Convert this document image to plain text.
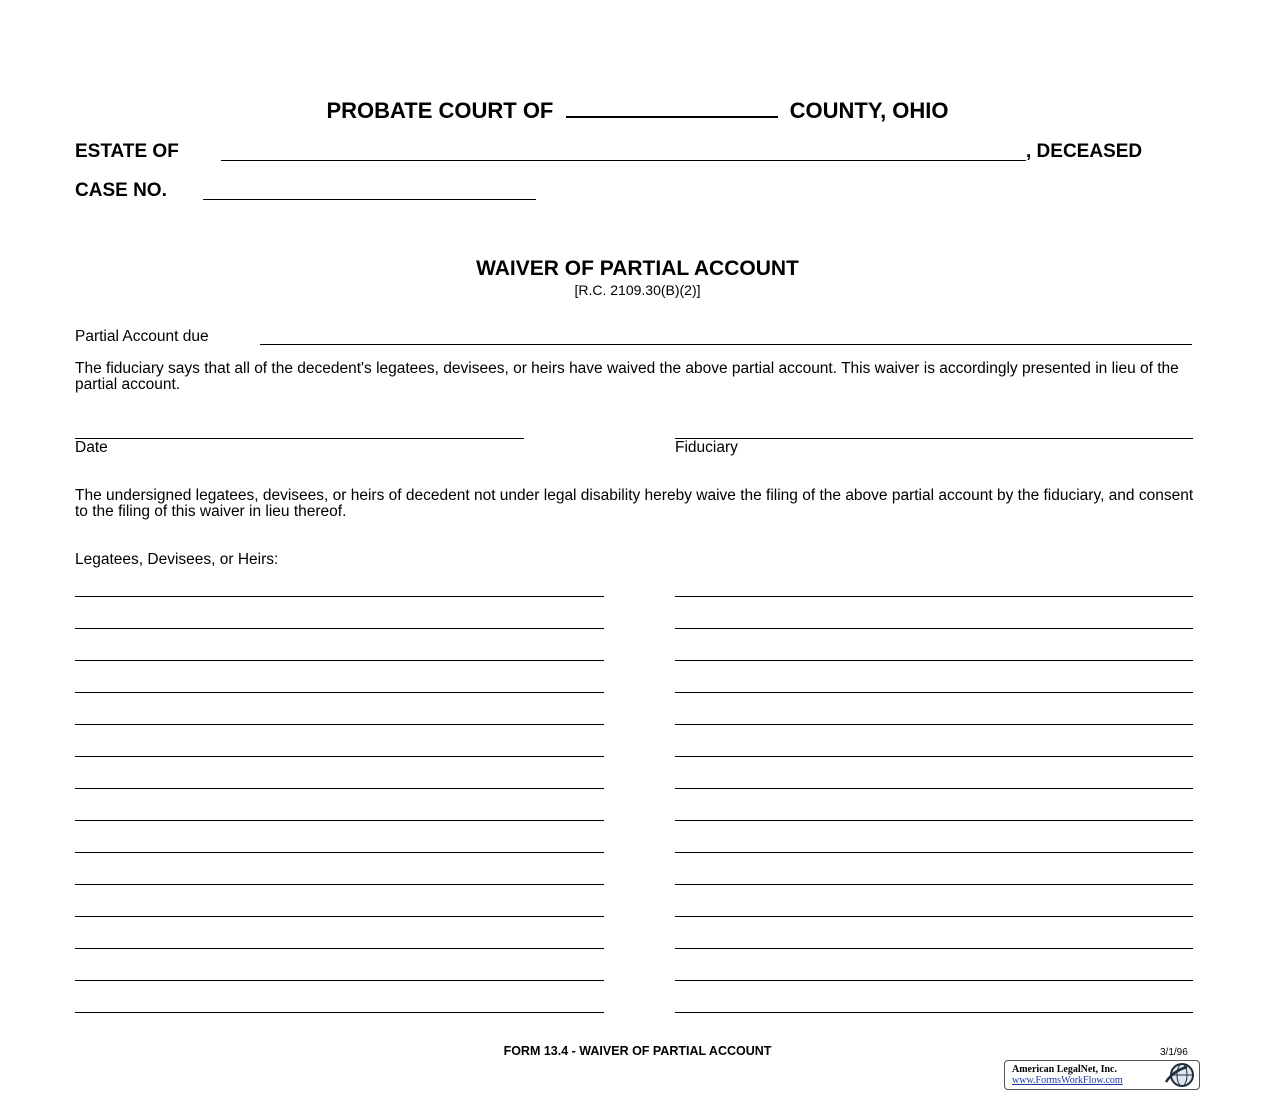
PROBATE COURT OF	COUNTY, OHIO
ESTATE OF	, DECEASED
CASE NO.
WAIVER OF PARTIAL ACCOUNT
[R.C. 2109.30(B)(2)]
Partial Account due
The fiduciary says that all of the decedent's legatees, devisees, or heirs have waived the above partial account. This waiver is accordingly presented in lieu of the partial account.
Date	Fiduciary
The undersigned legatees, devisees, or heirs of decedent not under legal disability hereby waive the filing of the above partial account by the fiduciary, and consent to the filing of this waiver in lieu thereof.
Legatees, Devisees, or Heirs:
FORM 13.4 - WAIVER OF PARTIAL ACCOUNT	3/1/96
American LegalNet, Inc.
www.FormsWorkFlow.com
